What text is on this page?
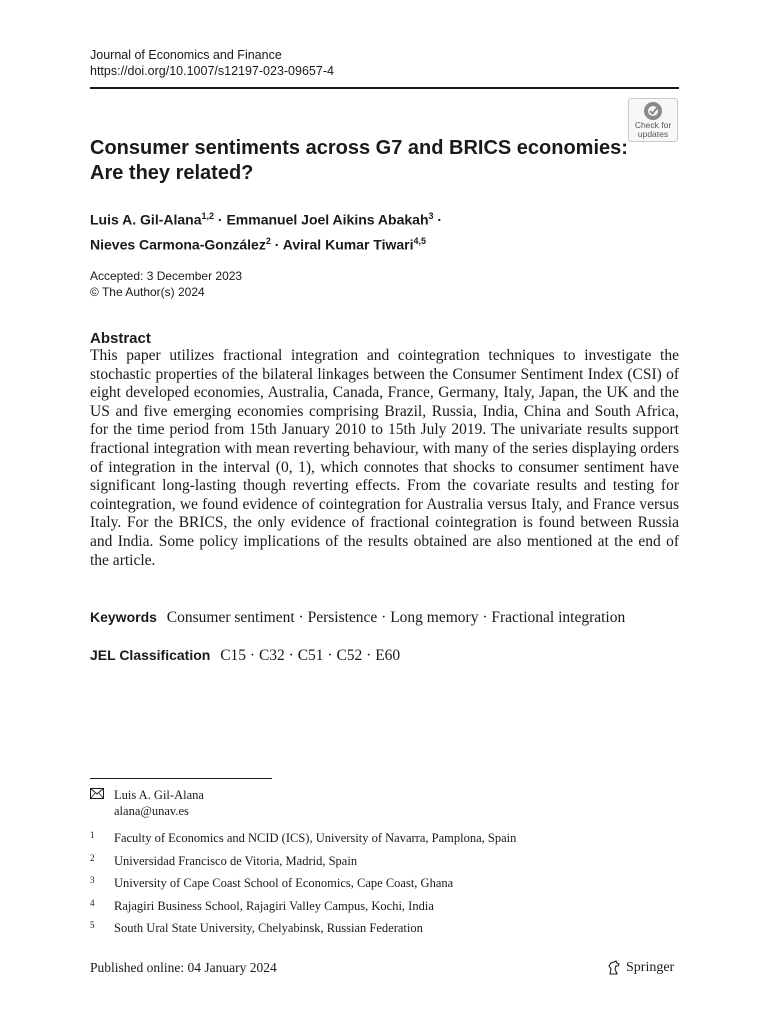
Journal of Economics and Finance
https://doi.org/10.1007/s12197-023-09657-4
Check for
updates
Consumer sentiments across G7 and BRICS economies: Are they related?
Luis A. Gil-Alana$^{1,2}$ · Emmanuel Joel Aikins Abakah$^3$ ·
Nieves Carmona-González$^2$ · Aviral Kumar Tiwari$^{4,5}$
Accepted: 3 December 2023
© The Author(s) 2024
Abstract

This paper utilizes fractional integration and cointegration techniques to investigate the stochastic properties of the bilateral linkages between the Consumer Sentiment Index (CSI) of eight developed economies, Australia, Canada, France, Germany, Italy, Japan, the UK and the US and five emerging economies comprising Brazil, Russia, India, China and South Africa, for the time period from 15th January 2010 to 15th July 2019. The univariate results support fractional integration with mean reverting behaviour, with many of the series displaying orders of integration in the interval (0, 1), which connotes that shocks to consumer sentiment have significant long-lasting though reverting effects. From the covariate results and testing for cointegration, we found evidence of cointegration for Australia versus Italy, and France versus Italy. For the BRICS, the only evidence of fractional cointegration is found between Russia and India. Some policy implications of the results obtained are also mentioned at the end of the article.

Keywords Consumer sentiment · Persistence · Long memory · Fractional integration
JEL Classification C15 · C32 · C51 · C52 · E60
Luis A. Gil-Alana
alana@unav.es
1	Faculty of Economics and NCID (ICS), University of Navarra, Pamplona, Spain
2	Universidad Francisco de Vitoria, Madrid, Spain
3	University of Cape Coast School of Economics, Cape Coast, Ghana
4	Rajagiri Business School, Rajagiri Valley Campus, Kochi, India
5	South Ural State University, Chelyabinsk, Russian Federation
Published online: 04 January 2024	Springer
